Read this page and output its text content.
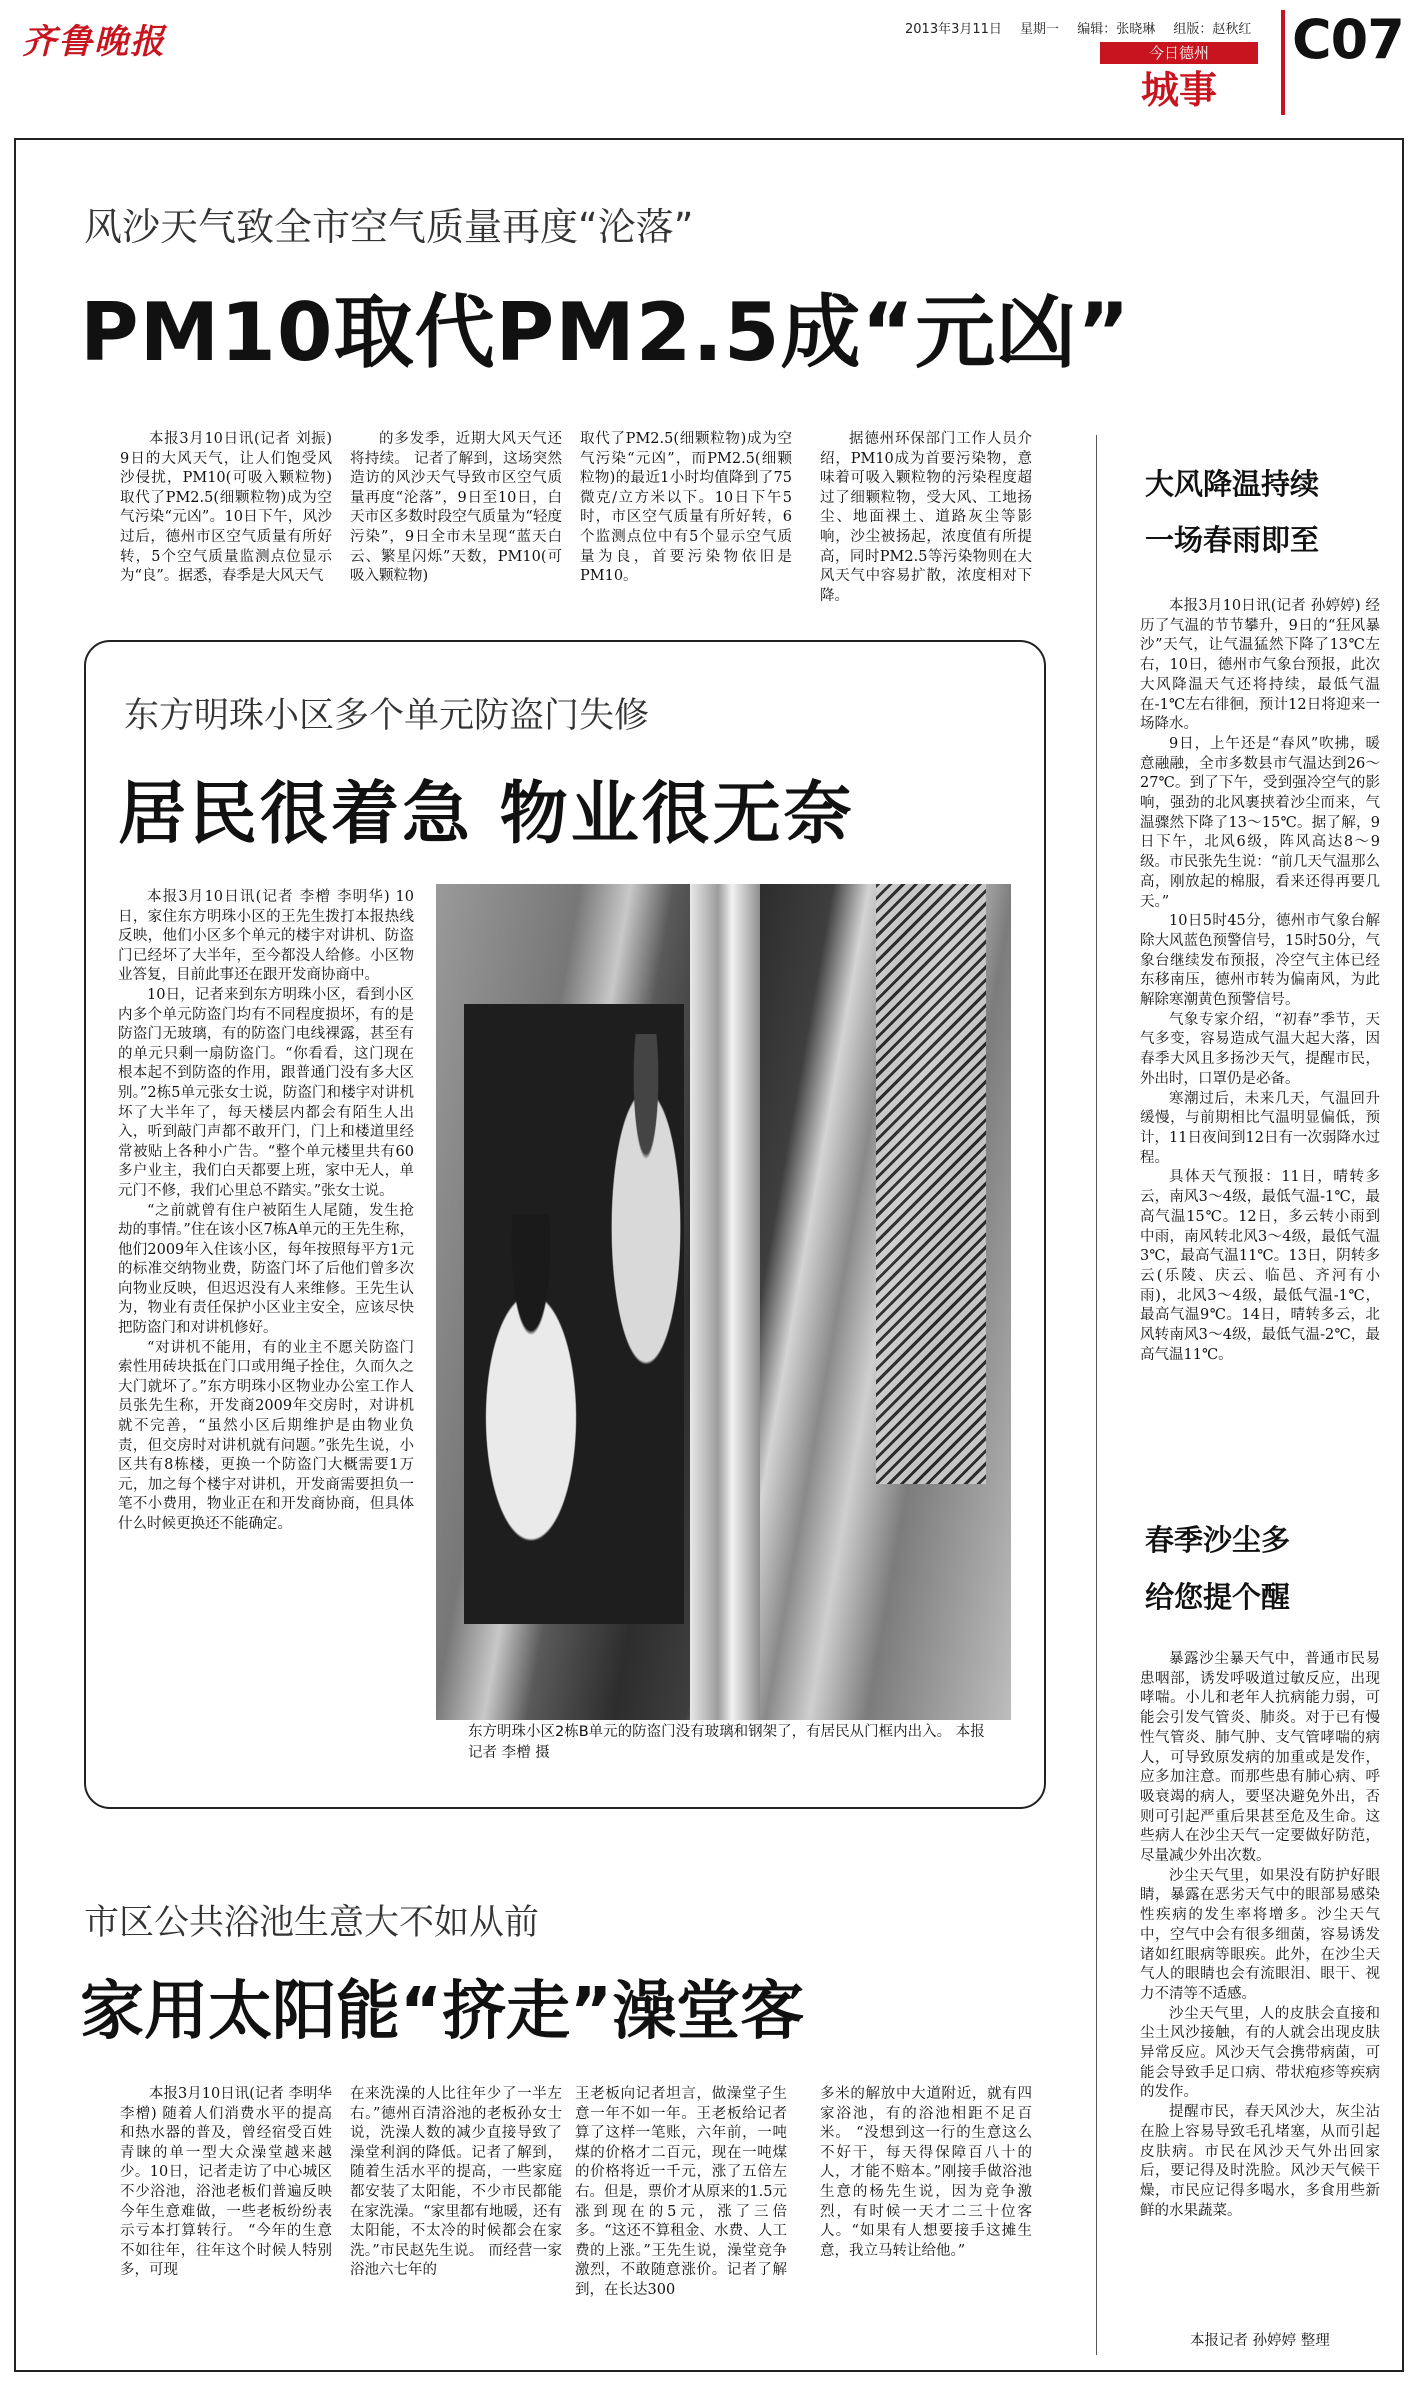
齐鲁晚报	2013年3月11日 星期一 编辑：张晓琳 组版：赵秋红
今日德州
城事
C07
风沙天气致全市空气质量再度“沦落”
PM10取代PM2.5成“元凶”

本报3月10日讯(记者 刘振) 9日的大风天气，让人们饱受风沙侵扰，PM10(可吸入颗粒物)取代了PM2.5(细颗粒物)成为空气污染“元凶”。10日下午，风沙过后，德州市区空气质量有所好转，5个空气质量监测点位显示为“良”。据悉，春季是大风天气

的多发季，近期大风天气还将持续。 记者了解到，这场突然造访的风沙天气导致市区空气质量再度“沦落”，9日至10日，白天市区多数时段空气质量为“轻度污染”，9日全市未呈现“蓝天白云、繁星闪烁”天数，PM10(可吸入颗粒物)

取代了PM2.5(细颗粒物)成为空气污染“元凶”，而PM2.5(细颗粒物)的最近1小时均值降到了75微克/立方米以下。10日下午5时，市区空气质量有所好转，6个监测点位中有5个显示空气质量为良，首要污染物依旧是PM10。

据德州环保部门工作人员介绍，PM10成为首要污染物，意味着可吸入颗粒物的污染程度超过了细颗粒物，受大风、工地扬尘、地面裸土、道路灰尘等影响，沙尘被扬起，浓度值有所提高，同时PM2.5等污染物则在大风天气中容易扩散，浓度相对下降。

东方明珠小区多个单元防盗门失修
居民很着急 物业很无奈

本报3月10日讯(记者 李橧 李明华) 10日，家住东方明珠小区的王先生拨打本报热线反映，他们小区多个单元的楼宇对讲机、防盗门已经坏了大半年，至今都没人给修。小区物业答复，目前此事还在跟开发商协商中。

10日，记者来到东方明珠小区，看到小区内多个单元防盗门均有不同程度损坏，有的是防盗门无玻璃，有的防盗门电线裸露，甚至有的单元只剩一扇防盗门。“你看看，这门现在根本起不到防盗的作用，跟普通门没有多大区别。”2栋5单元张女士说，防盗门和楼宇对讲机坏了大半年了，每天楼层内都会有陌生人出入，听到敲门声都不敢开门，门上和楼道里经常被贴上各种小广告。“整个单元楼里共有60多户业主，我们白天都要上班，家中无人，单元门不修，我们心里总不踏实。”张女士说。

“之前就曾有住户被陌生人尾随，发生抢劫的事情。”住在该小区7栋A单元的王先生称，他们2009年入住该小区，每年按照每平方1元的标准交纳物业费，防盗门坏了后他们曾多次向物业反映，但迟迟没有人来维修。王先生认为，物业有责任保护小区业主安全，应该尽快把防盗门和对讲机修好。

“对讲机不能用，有的业主不愿关防盗门索性用砖块抵在门口或用绳子拴住，久而久之大门就坏了。”东方明珠小区物业办公室工作人员张先生称，开发商2009年交房时，对讲机就不完善，“虽然小区后期维护是由物业负责，但交房时对讲机就有问题。”张先生说，小区共有8栋楼，更换一个防盗门大概需要1万元，加之每个楼宇对讲机，开发商需要担负一笔不小费用，物业正在和开发商协商，但具体什么时候更换还不能确定。

东方明珠小区2栋B单元的防盗门没有玻璃和钢架了，有居民从门框内出入。 本报记者 李橧 摄
市区公共浴池生意大不如从前
家用太阳能“挤走”澡堂客

本报3月10日讯(记者 李明华 李橧) 随着人们消费水平的提高和热水器的普及，曾经宿受百姓青睐的单一型大众澡堂越来越少。10日，记者走访了中心城区不少浴池，浴池老板们普遍反映今年生意难做，一些老板纷纷表示亏本打算转行。 “今年的生意不如往年，往年这个时候人特别多，可现

在来洗澡的人比往年少了一半左右。”德州百清浴池的老板孙女士说，洗澡人数的减少直接导致了澡堂利润的降低。记者了解到，随着生活水平的提高，一些家庭都安装了太阳能，不少市民都能在家洗澡。“家里都有地暖，还有太阳能，不太冷的时候都会在家洗。”市民赵先生说。 而经营一家浴池六七年的

王老板向记者坦言，做澡堂子生意一年不如一年。王老板给记者算了这样一笔账，六年前，一吨煤的价格才二百元，现在一吨煤的价格将近一千元，涨了五倍左右。但是，票价才从原来的1.5元涨到现在的5元，涨了三倍多。“这还不算租金、水费、人工费的上涨。”王先生说，澡堂竞争激烈，不敢随意涨价。记者了解到，在长达300

多米的解放中大道附近，就有四家浴池，有的浴池相距不足百米。 “没想到这一行的生意这么不好干，每天得保障百八十的人，才能不赔本。”刚接手做浴池生意的杨先生说，因为竞争激烈，有时候一天才二三十位客人。“如果有人想要接手这摊生意，我立马转让给他。”

大风降温持续
一场春雨即至

本报3月10日讯(记者 孙婷婷) 经历了气温的节节攀升，9日的“狂风暴沙”天气，让气温猛然下降了13℃左右，10日，德州市气象台预报，此次大风降温天气还将持续，最低气温在-1℃左右徘徊，预计12日将迎来一场降水。

9日，上午还是“春风”吹拂，暖意融融，全市多数县市气温达到26～27℃。到了下午，受到强冷空气的影响，强劲的北风裹挟着沙尘而来，气温骤然下降了13～15℃。据了解，9日下午，北风6级，阵风高达8～9级。市民张先生说：“前几天气温那么高，刚放起的棉服，看来还得再要几天。”

10日5时45分，德州市气象台解除大风蓝色预警信号，15时50分，气象台继续发布预报，冷空气主体已经东移南压，德州市转为偏南风，为此解除寒潮黄色预警信号。

气象专家介绍，“初春”季节，天气多变，容易造成气温大起大落，因春季大风且多扬沙天气，提醒市民，外出时，口罩仍是必备。

寒潮过后，未来几天，气温回升缓慢，与前期相比气温明显偏低，预计，11日夜间到12日有一次弱降水过程。

具体天气预报：11日，晴转多云，南风3～4级，最低气温-1℃，最高气温15℃。12日，多云转小雨到中雨，南风转北风3～4级，最低气温3℃，最高气温11℃。13日，阴转多云(乐陵、庆云、临邑、齐河有小雨)，北风3～4级，最低气温-1℃，最高气温9℃。14日，晴转多云，北风转南风3～4级，最低气温-2℃，最高气温11℃。

春季沙尘多
给您提个醒

暴露沙尘暴天气中，普通市民易患咽部，诱发呼吸道过敏反应，出现哮喘。小儿和老年人抗病能力弱，可能会引发气管炎、肺炎。对于已有慢性气管炎、肺气肿、支气管哮喘的病人，可导致原发病的加重或是发作，应多加注意。而那些患有肺心病、呼吸衰竭的病人，要坚决避免外出，否则可引起严重后果甚至危及生命。这些病人在沙尘天气一定要做好防范，尽量减少外出次数。

沙尘天气里，如果没有防护好眼睛，暴露在恶劣天气中的眼部易感染性疾病的发生率将增多。沙尘天气中，空气中会有很多细菌，容易诱发诸如红眼病等眼疾。此外，在沙尘天气人的眼睛也会有流眼泪、眼干、视力不清等不适感。

沙尘天气里，人的皮肤会直接和尘土风沙接触，有的人就会出现皮肤异常反应。风沙天气会携带病菌，可能会导致手足口病、带状疱疹等疾病的发作。

提醒市民，春天风沙大，灰尘沾在脸上容易导致毛孔堵塞，从而引起皮肤病。市民在风沙天气外出回家后，要记得及时洗脸。风沙天气候干燥，市民应记得多喝水，多食用些新鲜的水果蔬菜。

本报记者 孙婷婷 整理
